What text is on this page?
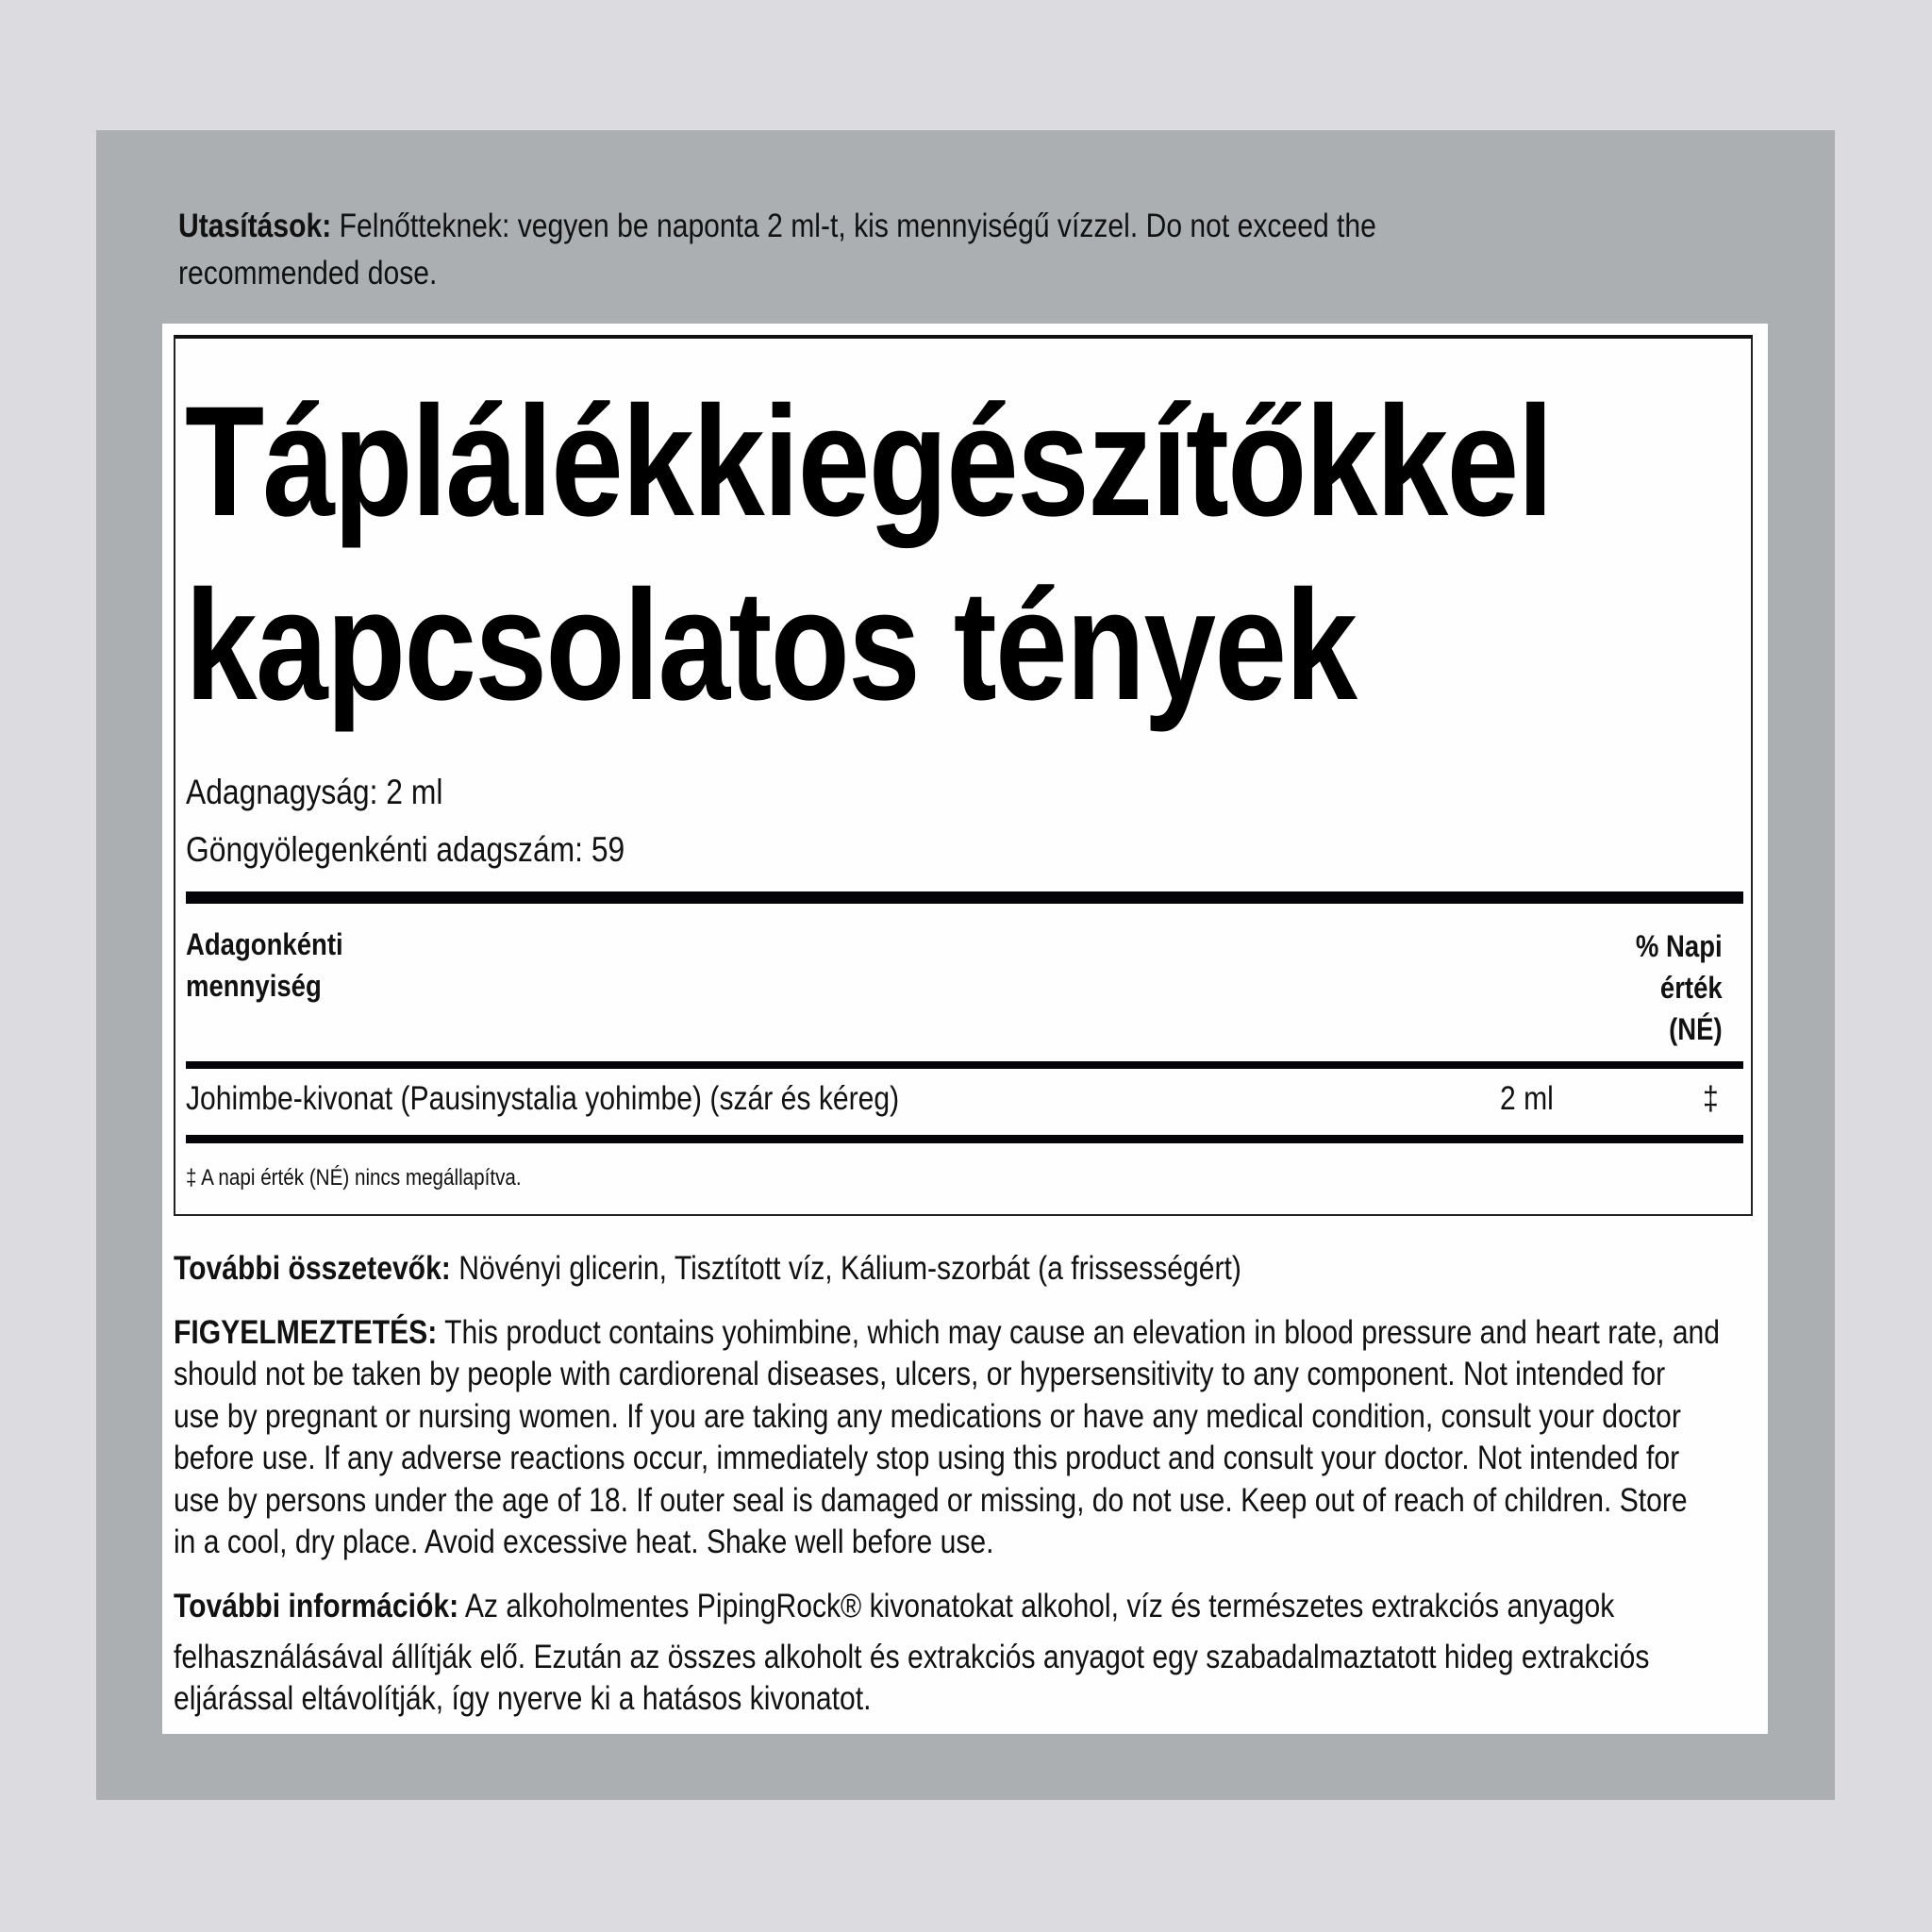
Utasítások: Felnőtteknek: vegyen be naponta 2 ml-t, kis mennyiségű vízzel. Do not exceed the
recommended dose.
Táplálékkiegészítőkkel
kapcsolatos tények
Adagnagyság: 2 ml
Göngyölegenkénti adagszám: 59
Adagonkénti
mennyiség
% Napi
érték
(NÉ)
Johimbe-kivonat (Pausinystalia yohimbe) (szár és kéreg)	2 ml	‡
‡ A napi érték (NÉ) nincs megállapítva.
További összetevők: Növényi glicerin, Tisztított víz, Kálium-szorbát (a frissességért)
FIGYELMEZTETÉS: This product contains yohimbine, which may cause an elevation in blood pressure and heart rate, and
should not be taken by people with cardiorenal diseases, ulcers, or hypersensitivity to any component. Not intended for
use by pregnant or nursing women. If you are taking any medications or have any medical condition, consult your doctor
before use. If any adverse reactions occur, immediately stop using this product and consult your doctor. Not intended for
use by persons under the age of 18. If outer seal is damaged or missing, do not use. Keep out of reach of children. Store
in a cool, dry place. Avoid excessive heat. Shake well before use.
További információk: Az alkoholmentes PipingRock® kivonatokat alkohol, víz és természetes extrakciós anyagok
felhasználásával állítják elő. Ezután az összes alkoholt és extrakciós anyagot egy szabadalmaztatott hideg extrakciós
eljárással eltávolítják, így nyerve ki a hatásos kivonatot.
